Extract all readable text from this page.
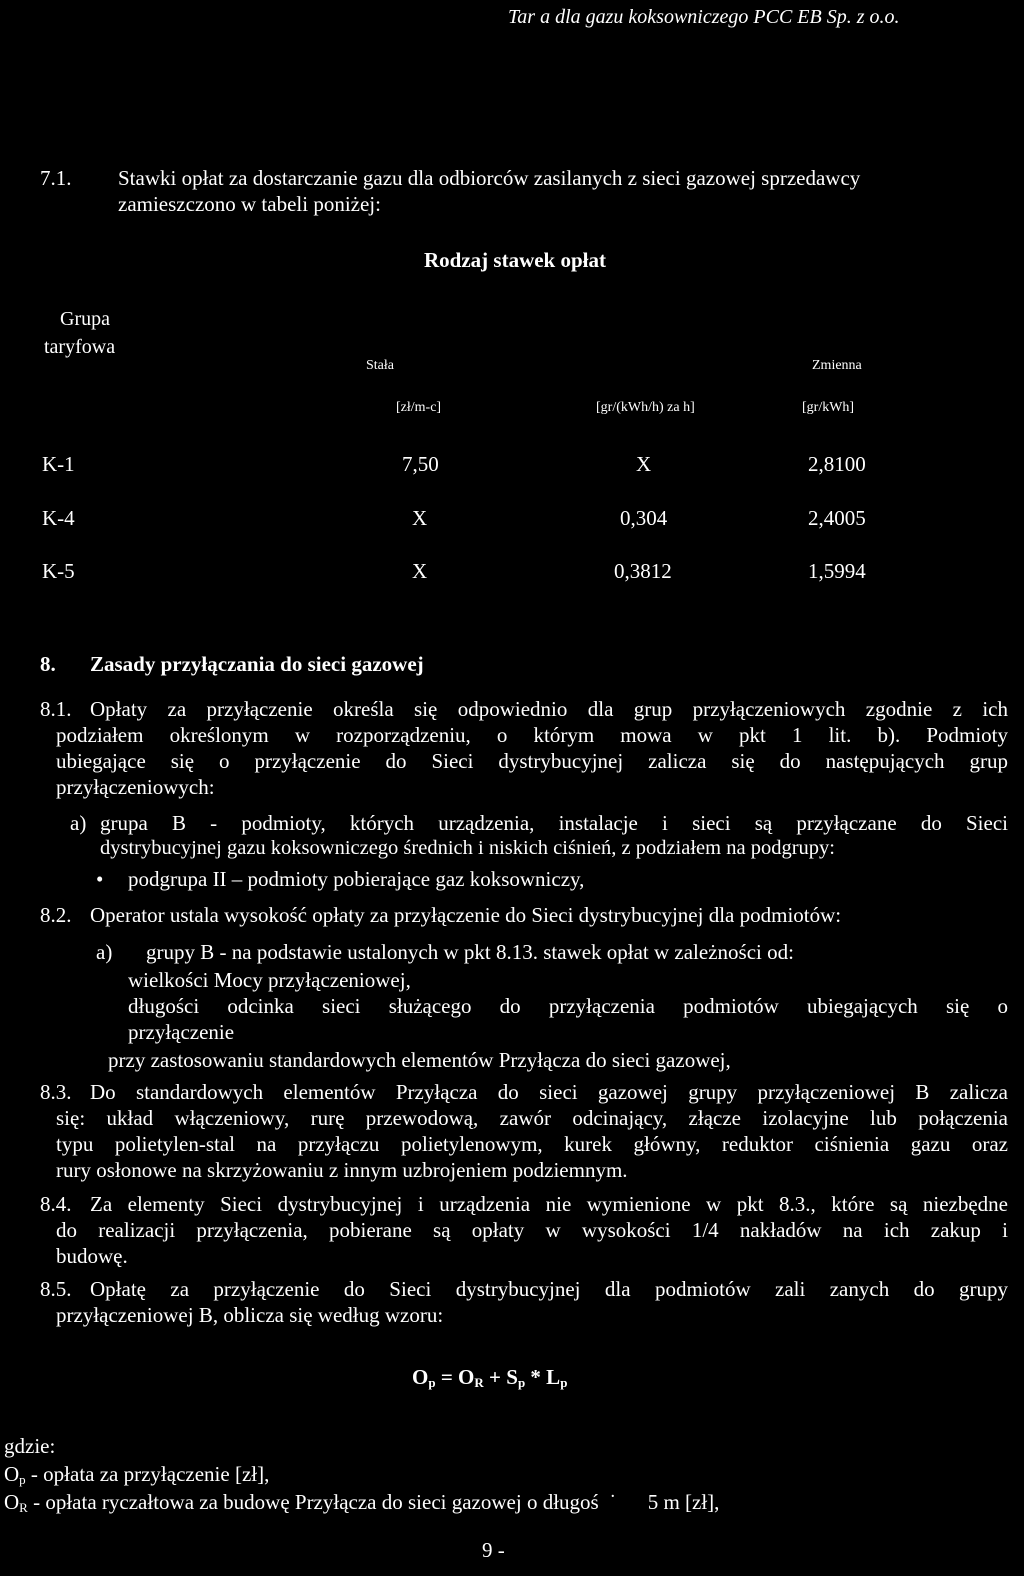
Tar a dla gazu koksowniczego PCC EB Sp. z o.o.
7.1. Stawki opłat za dostarczanie gazu dla odbiorców zasilanych z sieci gazowej sprzedawcy
zamieszczono w tabeli poniżej:
Rodzaj stawek opłat
Grupa
taryfowa
Stała	Zmienna
[zł/m-c]	[gr/(kWh/h) za h]	[gr/kWh]
K-1	7,50	X	2,8100
K-4	X	0,304	2,4005
K-5	X	0,3812	1,5994
8. Zasady przyłączania do sieci gazowej
8.1. Opłaty za przyłączenie określa się odpowiednio dla grup przyłączeniowych zgodnie z ich
podziałem określonym w rozporządzeniu, o którym mowa w pkt 1 lit. b). Podmioty
ubiegające się o przyłączenie do Sieci dystrybucyjnej zalicza się do następujących grup
przyłączeniowych:
a) grupa B - podmioty, których urządzenia, instalacje i sieci są przyłączane do Sieci
dystrybucyjnej gazu koksowniczego średnich i niskich ciśnień, z podziałem na podgrupy:
• podgrupa II – podmioty pobierające gaz koksowniczy,
8.2. Operator ustala wysokość opłaty za przyłączenie do Sieci dystrybucyjnej dla podmiotów:
a) grupy B - na podstawie ustalonych w pkt 8.13. stawek opłat w zależności od:
wielkości Mocy przyłączeniowej,
długości odcinka sieci służącego do przyłączenia podmiotów ubiegających się o
przyłączenie
przy zastosowaniu standardowych elementów Przyłącza do sieci gazowej,
8.3. Do standardowych elementów Przyłącza do sieci gazowej grupy przyłączeniowej B zalicza
się: układ włączeniowy, rurę przewodową, zawór odcinający, złącze izolacyjne lub połączenia
typu polietylen-stal na przyłączu polietylenowym, kurek główny, reduktor ciśnienia gazu oraz
rury osłonowe na skrzyżowaniu z innym uzbrojeniem podziemnym.
8.4. Za elementy Sieci dystrybucyjnej i urządzenia nie wymienione w pkt 8.3., które są niezbędne
do realizacji przyłączenia, pobierane są opłaty w wysokości 1/4 nakładów na ich zakup i
budowę.
8.5. Opłatę za przyłączenie do Sieci dystrybucyjnej dla podmiotów zali zanych do grupy
przyłączeniowej B, oblicza się według wzoru:
$O_p = O_R + S_p * L_p$
gdzie:
$O_p$ - opłata za przyłączenie [zł],
$O_R$ - opłata ryczałtowa za budowę Przyłącza do sieci gazowej o długoś  ˙      5 m [zł],
9 -
